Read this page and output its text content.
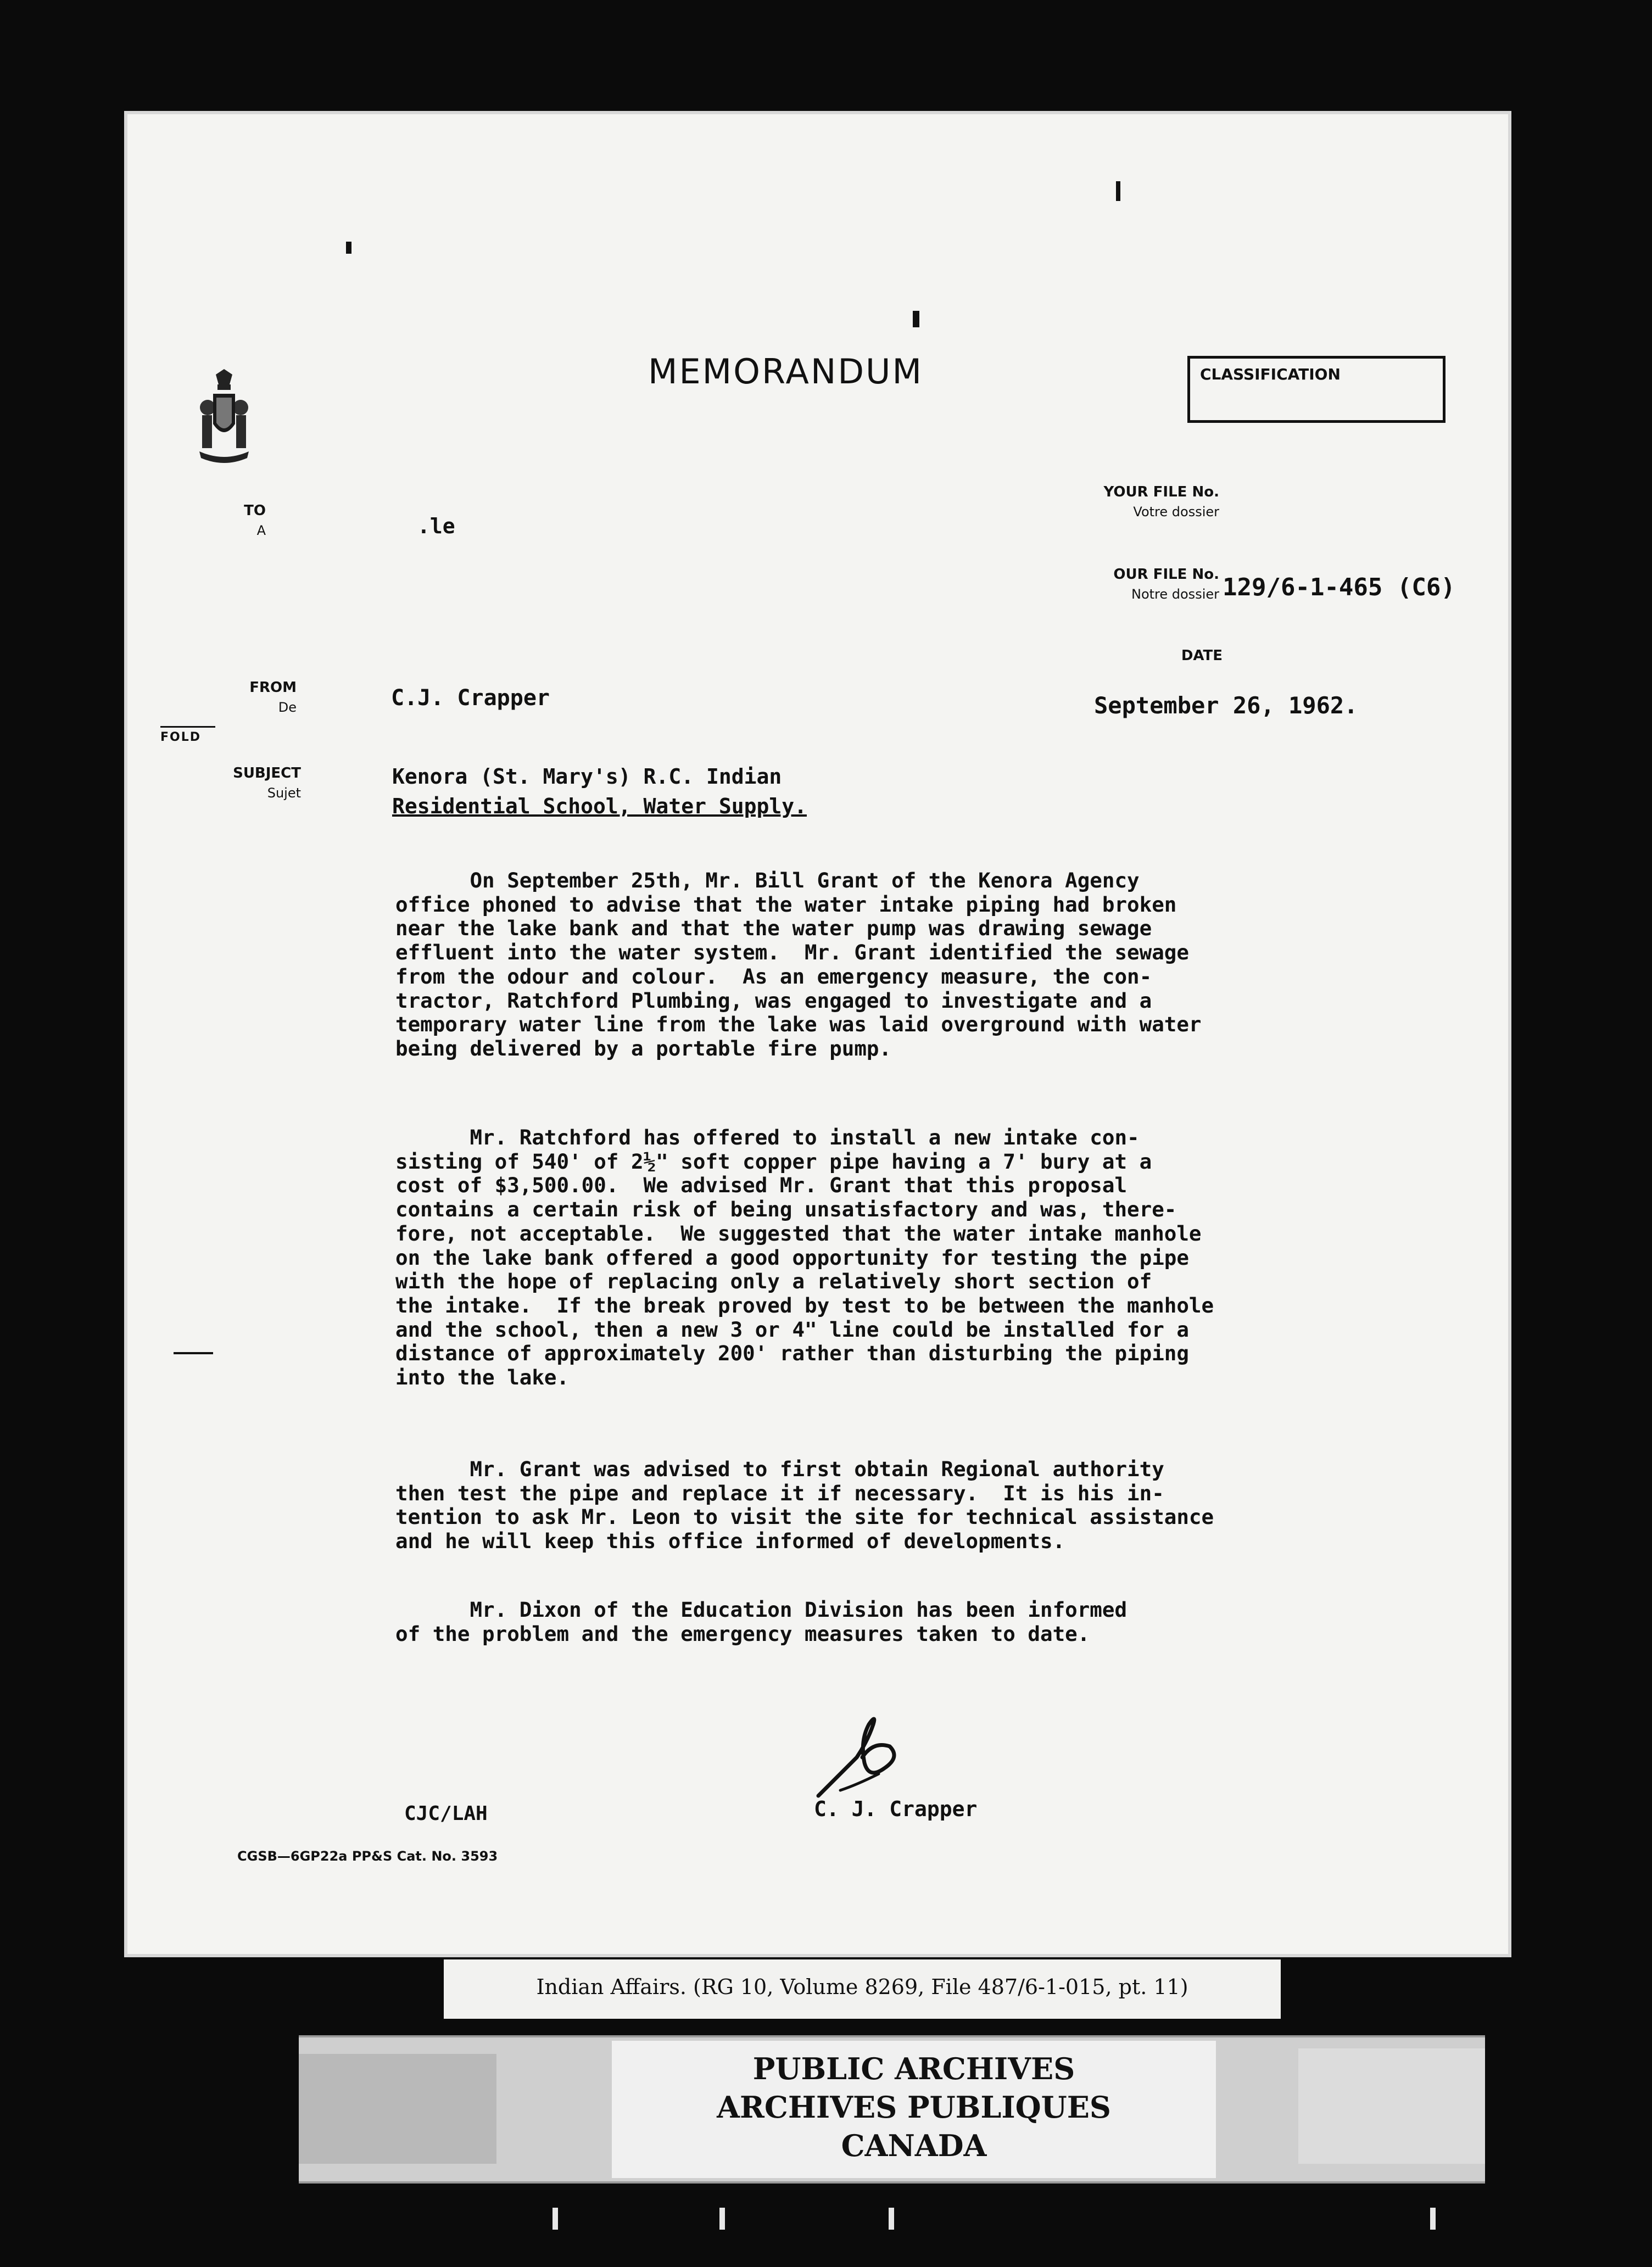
MEMORANDUM	CLASSIFICATION
TO
A	.le
FROM
De	C.J. Crapper
FOLD
SUBJECT
Sujet
Kenora (St. Mary's) R.C. Indian
Residential School, Water Supply.
YOUR FILE No.
Votre dossier
OUR FILE No.
Notre dossier 129/6-1-465 (C6)
DATE
September 26, 1962.
On September 25th, Mr. Bill Grant of the Kenora Agency
office phoned to advise that the water intake piping had broken
near the lake bank and that the water pump was drawing sewage
effluent into the water system.  Mr. Grant identified the sewage
from the odour and colour.  As an emergency measure, the con-
tractor, Ratchford Plumbing, was engaged to investigate and a
temporary water line from the lake was laid overground with water
being delivered by a portable fire pump.
Mr. Ratchford has offered to install a new intake con-
sisting of 540' of 2½" soft copper pipe having a 7' bury at a
cost of $3,500.00.  We advised Mr. Grant that this proposal
contains a certain risk of being unsatisfactory and was, there-
fore, not acceptable.  We suggested that the water intake manhole
on the lake bank offered a good opportunity for testing the pipe
with the hope of replacing only a relatively short section of
the intake.  If the break proved by test to be between the manhole
and the school, then a new 3 or 4" line could be installed for a
distance of approximately 200' rather than disturbing the piping
into the lake.
Mr. Grant was advised to first obtain Regional authority
then test the pipe and replace it if necessary.  It is his in-
tention to ask Mr. Leon to visit the site for technical assistance
and he will keep this office informed of developments.
Mr. Dixon of the Education Division has been informed
of the problem and the emergency measures taken to date.
CJC/LAH	C. J. Crapper
CGSB—6GP22a PP&S Cat. No. 3593
Indian Affairs. (RG 10, Volume 8269, File 487/6-1-015, pt. 11)
PUBLIC ARCHIVES
ARCHIVES PUBLIQUES
CANADA
